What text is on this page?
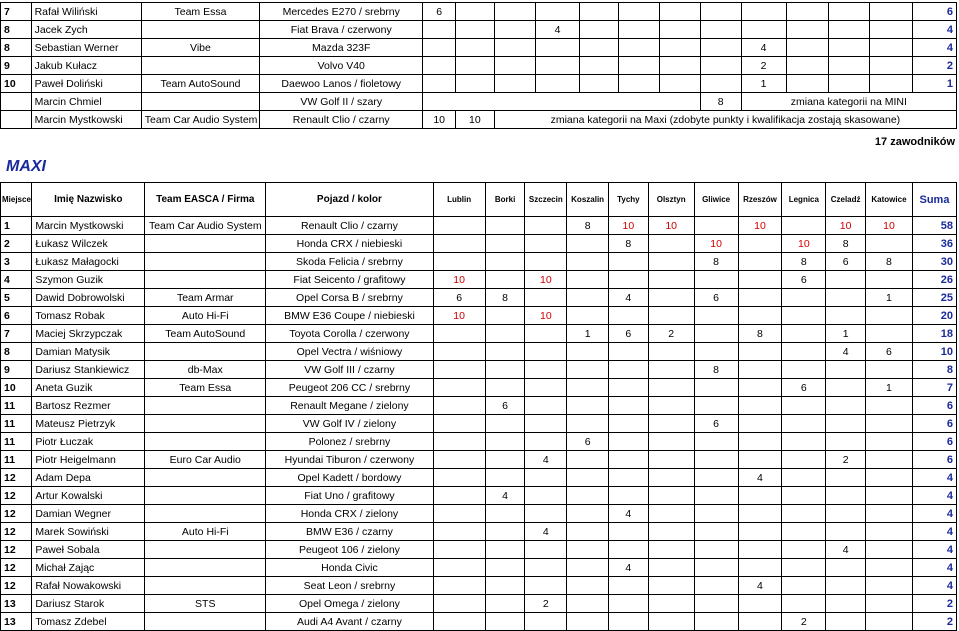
7	Rafał Wiliński	Team Essa	Mercedes E270 / srebrny	6												6
8	Jacek Zych		Fiat Brava / czerwony				4									4
8	Sebastian Werner	Vibe	Mazda 323F									4				4
9	Jakub Kułacz		Volvo V40									2				2
10	Paweł Doliński	Team AutoSound	Daewoo Lanos / fioletowy									1				1
	Marcin Chmiel		VW Golf II / szary								8	zmiana kategorii na MINI				
	Marcin Mystkowski	Team Car Audio System	Renault Clio / czarny	10	10	zmiana kategorii na Maxi (zdobyte punkty i kwalifikacja zostają skasowane)										
MAXI
17 zawodników
Miejsce	Imię Nazwisko	Team EASCA / Firma	Pojazd / kolor	Lublin	Borki	Szczecin	Koszalin	Tychy	Olsztyn	Gliwice	Rzeszów	Legnica	Czeladź	Katowice	Suma
1	Marcin Mystkowski	Team Car Audio System	Renault Clio / czarny				8	10	10		10		10	10	58
2	Łukasz Wilczek		Honda CRX / niebieski					8		10		10	8		36
3	Łukasz Małagocki		Skoda Felicia / srebrny							8		8	6	8	30
4	Szymon Guzik		Fiat Seicento / grafitowy	10		10						6			26
5	Dawid Dobrowolski	Team Armar	Opel Corsa B / srebrny	6	8			4		6				1	25
6	Tomasz Robak	Auto Hi-Fi	BMW E36 Coupe / niebieski	10		10									20
7	Maciej Skrzypczak	Team AutoSound	Toyota Corolla / czerwony				1	6	2		8		1		18
8	Damian Matysik		Opel Vectra / wiśniowy										4	6	10
9	Dariusz Stankiewicz	db-Max	VW Golf III / czarny							8					8
10	Aneta Guzik	Team Essa	Peugeot 206 CC / srebrny									6		1	7
11	Bartosz Rezmer		Renault Megane / zielony		6										6
11	Mateusz Pietrzyk		VW Golf IV / zielony							6					6
11	Piotr Łuczak		Polonez / srebrny				6								6
11	Piotr Heigelmann	Euro Car Audio	Hyundai Tiburon / czerwony			4							2		6
12	Adam Depa		Opel Kadett / bordowy								4				4
12	Artur Kowalski		Fiat Uno / grafitowy		4										4
12	Damian Wegner		Honda CRX / zielony					4							4
12	Marek Sowiński	Auto Hi-Fi	BMW E36 / czarny			4									4
12	Paweł Sobala		Peugeot 106 / zielony										4		4
12	Michał Zając		Honda Civic					4							4
12	Rafał Nowakowski		Seat Leon / srebrny								4				4
13	Dariusz Starok	STS	Opel Omega / zielony			2									2
13	Tomasz Zdebel		Audi A4 Avant / czarny									2			2
